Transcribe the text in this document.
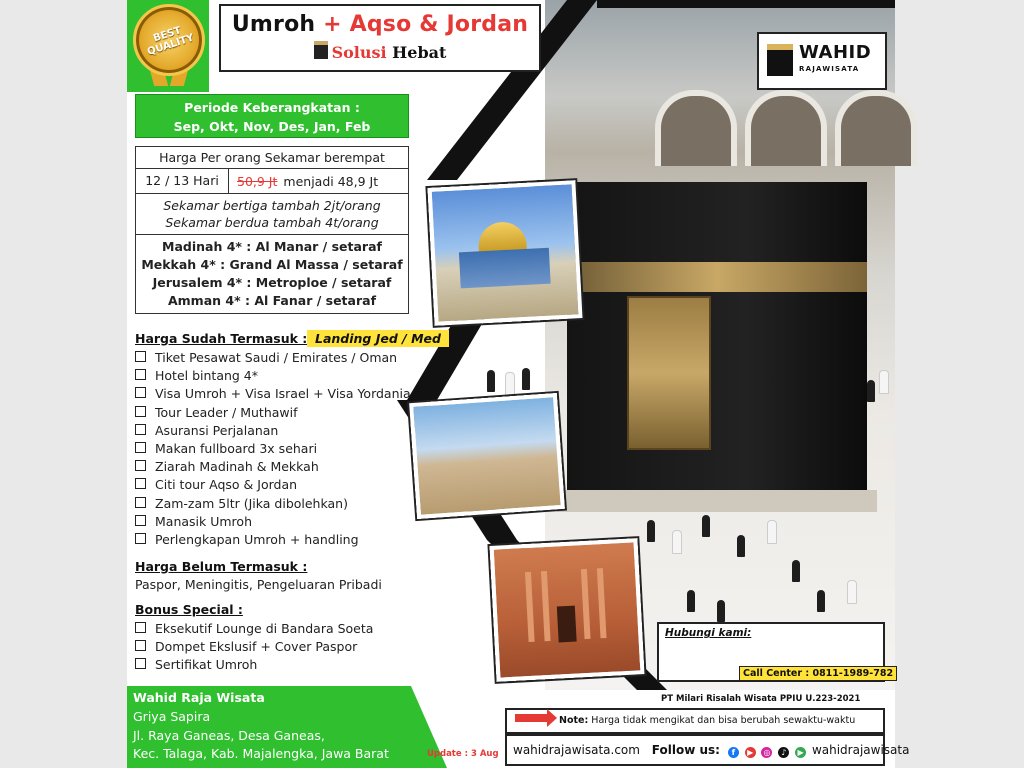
BEST QUALITY
Umroh + Aqso & Jordan
Solusi Hebat	WAHID
RAJAWISATA
Periode Keberangkatan :
Sep, Okt, Nov, Des, Jan, Feb
Harga Per orang Sekamar berempat
12 / 13 Hari	50,9 Jt menjadi 48,9 Jt
Sekamar bertiga tambah 2jt/orang
Sekamar berdua tambah 4t/orang
Madinah 4* : Al Manar / setaraf
Mekkah 4* : Grand Al Massa / setaraf
Jerusalem 4* : Metroploe / setaraf
Amman 4* : Al Fanar / setaraf
Harga Sudah Termasuk : Landing Jed / Med
Tiket Pesawat Saudi / Emirates / Oman
Hotel bintang 4*
Visa Umroh + Visa Israel + Visa Yordania
Tour Leader / Muthawif
Asuransi Perjalanan
Makan fullboard 3x sehari
Ziarah Madinah & Mekkah
Citi tour Aqso & Jordan
Zam-zam 5ltr (Jika dibolehkan)
Manasik Umroh
Perlengkapan Umroh + handling
Harga Belum Termasuk :
Paspor, Meningitis, Pengeluaran Pribadi
Bonus Special :
Eksekutif Lounge di Bandara Soeta
Dompet Ekslusif + Cover Paspor
Sertifikat Umroh
Wahid Raja Wisata
Griya Sapira
Jl. Raya Ganeas, Desa Ganeas,
Kec. Talaga, Kab. Majalengka, Jawa Barat	Update : 3 Aug
Hubungi kami:
Call Center : 0811-1989-782
PT Milari Risalah Wisata PPIU U.223-2021
Note: Harga tidak mengikat dan bisa berubah sewaktu-waktu
wahidrajawisata.com Follow us: f ▶ ◎ ♪ ▶ wahidrajawisata
